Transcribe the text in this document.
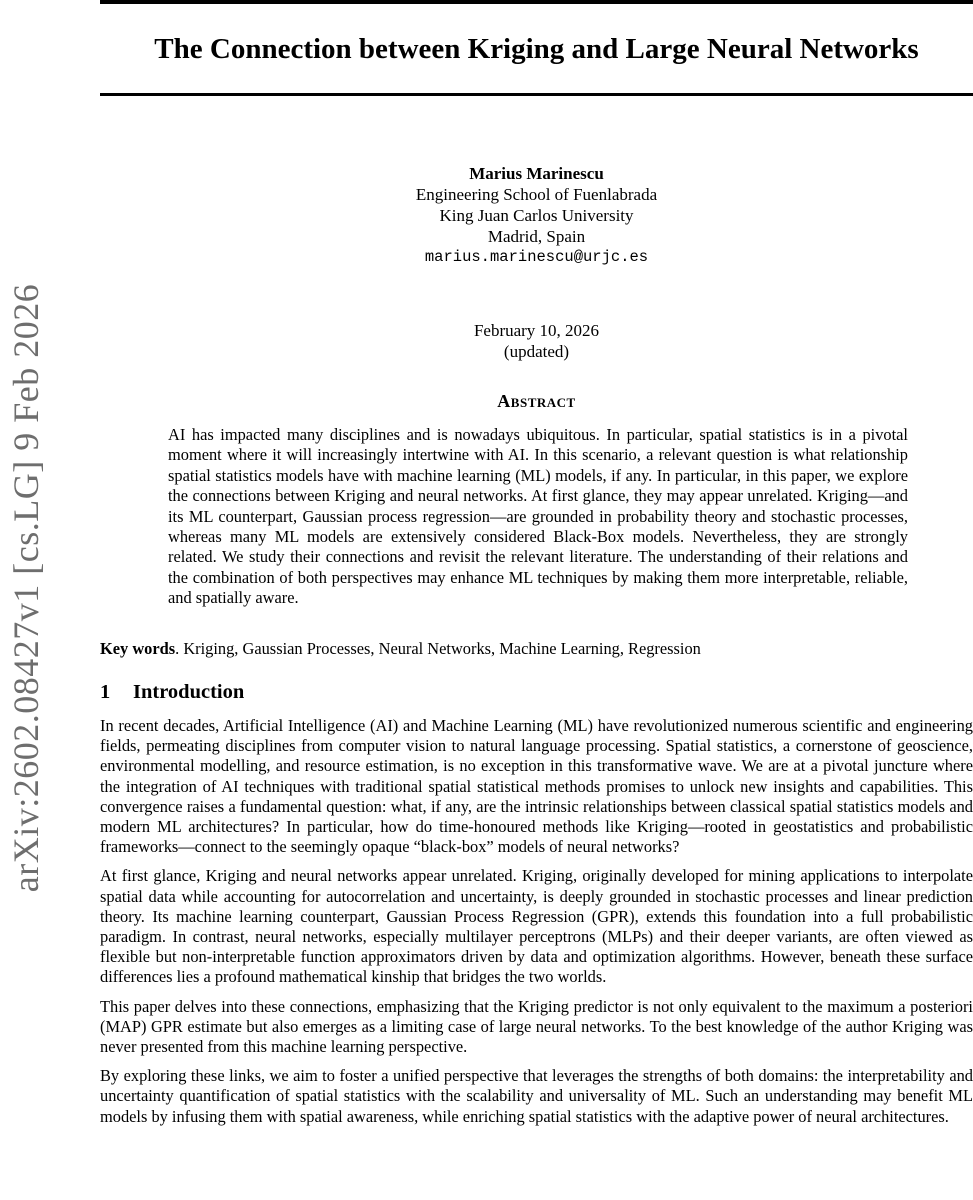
arXiv:2602.08427v1 [cs.LG] 9 Feb 2026
The Connection between Kriging and Large Neural Networks
Marius Marinescu
Engineering School of Fuenlabrada
King Juan Carlos University
Madrid, Spain
marius.marinescu@urjc.es
February 10, 2026
(updated)
Abstract

AI has impacted many disciplines and is nowadays ubiquitous. In particular, spatial statistics is in a pivotal moment where it will increasingly intertwine with AI. In this scenario, a relevant question is what relationship spatial statistics models have with machine learning (ML) models, if any. In particular, in this paper, we explore the connections between Kriging and neural networks. At first glance, they may appear unrelated. Kriging—and its ML counterpart, Gaussian process regression—are grounded in probability theory and stochastic processes, whereas many ML models are extensively considered Black-Box models. Nevertheless, they are strongly related. We study their connections and revisit the relevant literature. The understanding of their relations and the combination of both perspectives may enhance ML techniques by making them more interpretable, reliable, and spatially aware.

Key words. Kriging, Gaussian Processes, Neural Networks, Machine Learning, Regression
1 Introduction

In recent decades, Artificial Intelligence (AI) and Machine Learning (ML) have revolutionized numerous scientific and engineering fields, permeating disciplines from computer vision to natural language processing. Spatial statistics, a cornerstone of geoscience, environmental modelling, and resource estimation, is no exception in this transformative wave. We are at a pivotal juncture where the integration of AI techniques with traditional spatial statistical methods promises to unlock new insights and capabilities. This convergence raises a fundamental question: what, if any, are the intrinsic relationships between classical spatial statistics models and modern ML architectures? In particular, how do time-honoured methods like Kriging—rooted in geostatistics and probabilistic frameworks—connect to the seemingly opaque “black-box” models of neural networks?

At first glance, Kriging and neural networks appear unrelated. Kriging, originally developed for mining applications to interpolate spatial data while accounting for autocorrelation and uncertainty, is deeply grounded in stochastic processes and linear prediction theory. Its machine learning counterpart, Gaussian Process Regression (GPR), extends this foundation into a full probabilistic paradigm. In contrast, neural networks, especially multilayer perceptrons (MLPs) and their deeper variants, are often viewed as flexible but non-interpretable function approximators driven by data and optimization algorithms. However, beneath these surface differences lies a profound mathematical kinship that bridges the two worlds.

This paper delves into these connections, emphasizing that the Kriging predictor is not only equivalent to the maximum a posteriori (MAP) GPR estimate but also emerges as a limiting case of large neural networks. To the best knowledge of the author Kriging was never presented from this machine learning perspective.

By exploring these links, we aim to foster a unified perspective that leverages the strengths of both domains: the interpretability and uncertainty quantification of spatial statistics with the scalability and universality of ML. Such an understanding may benefit ML models by infusing them with spatial awareness, while enriching spatial statistics with the adaptive power of neural architectures.
